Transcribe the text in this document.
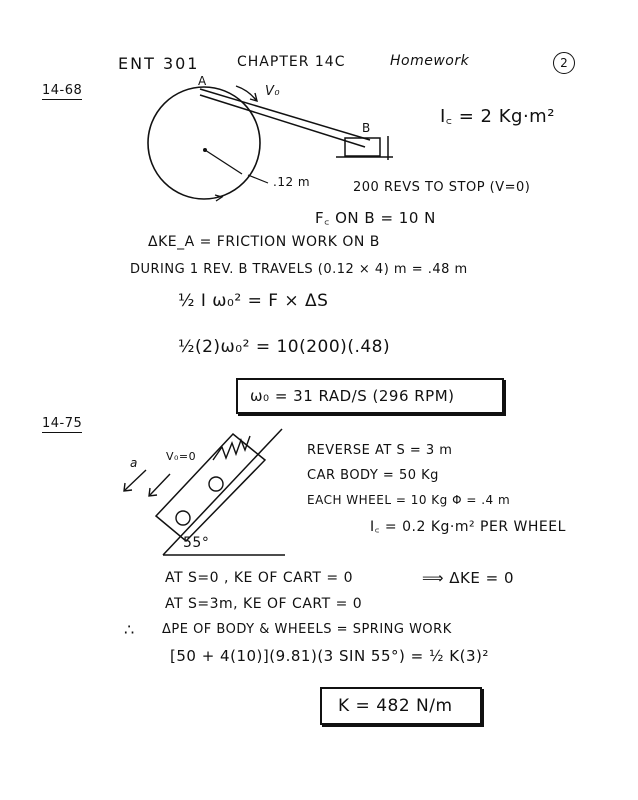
ENT 301	CHAPTER 14C	Homework	2
14-68
A
B
V₀
.12 m
I꜀ = 2 Kg·m²
200 REVS TO STOP (V=0)
F꜀ ON B = 10 N
ΔKE_A = FRICTION WORK ON B
DURING 1 REV. B TRAVELS (0.12 × 4) m = .48 m
½ I ω₀² = F × ΔS
½(2)ω₀² = 10(200)(.48)
ω₀ = 31 RAD/S (296 RPM)
14-75
a	V₀=0
55°
REVERSE AT S = 3 m
CAR BODY = 50 Kg
EACH WHEEL = 10 Kg Φ = .4 m
I꜀ = 0.2 Kg·m² PER WHEEL
AT S=0 , KE OF CART = 0	⟹ ΔKE = 0
AT S=3m, KE OF CART = 0
∴ ΔPE OF BODY & WHEELS = SPRING WORK
[50 + 4(10)](9.81)(3 SIN 55°) = ½ K(3)²
K = 482 N/m
